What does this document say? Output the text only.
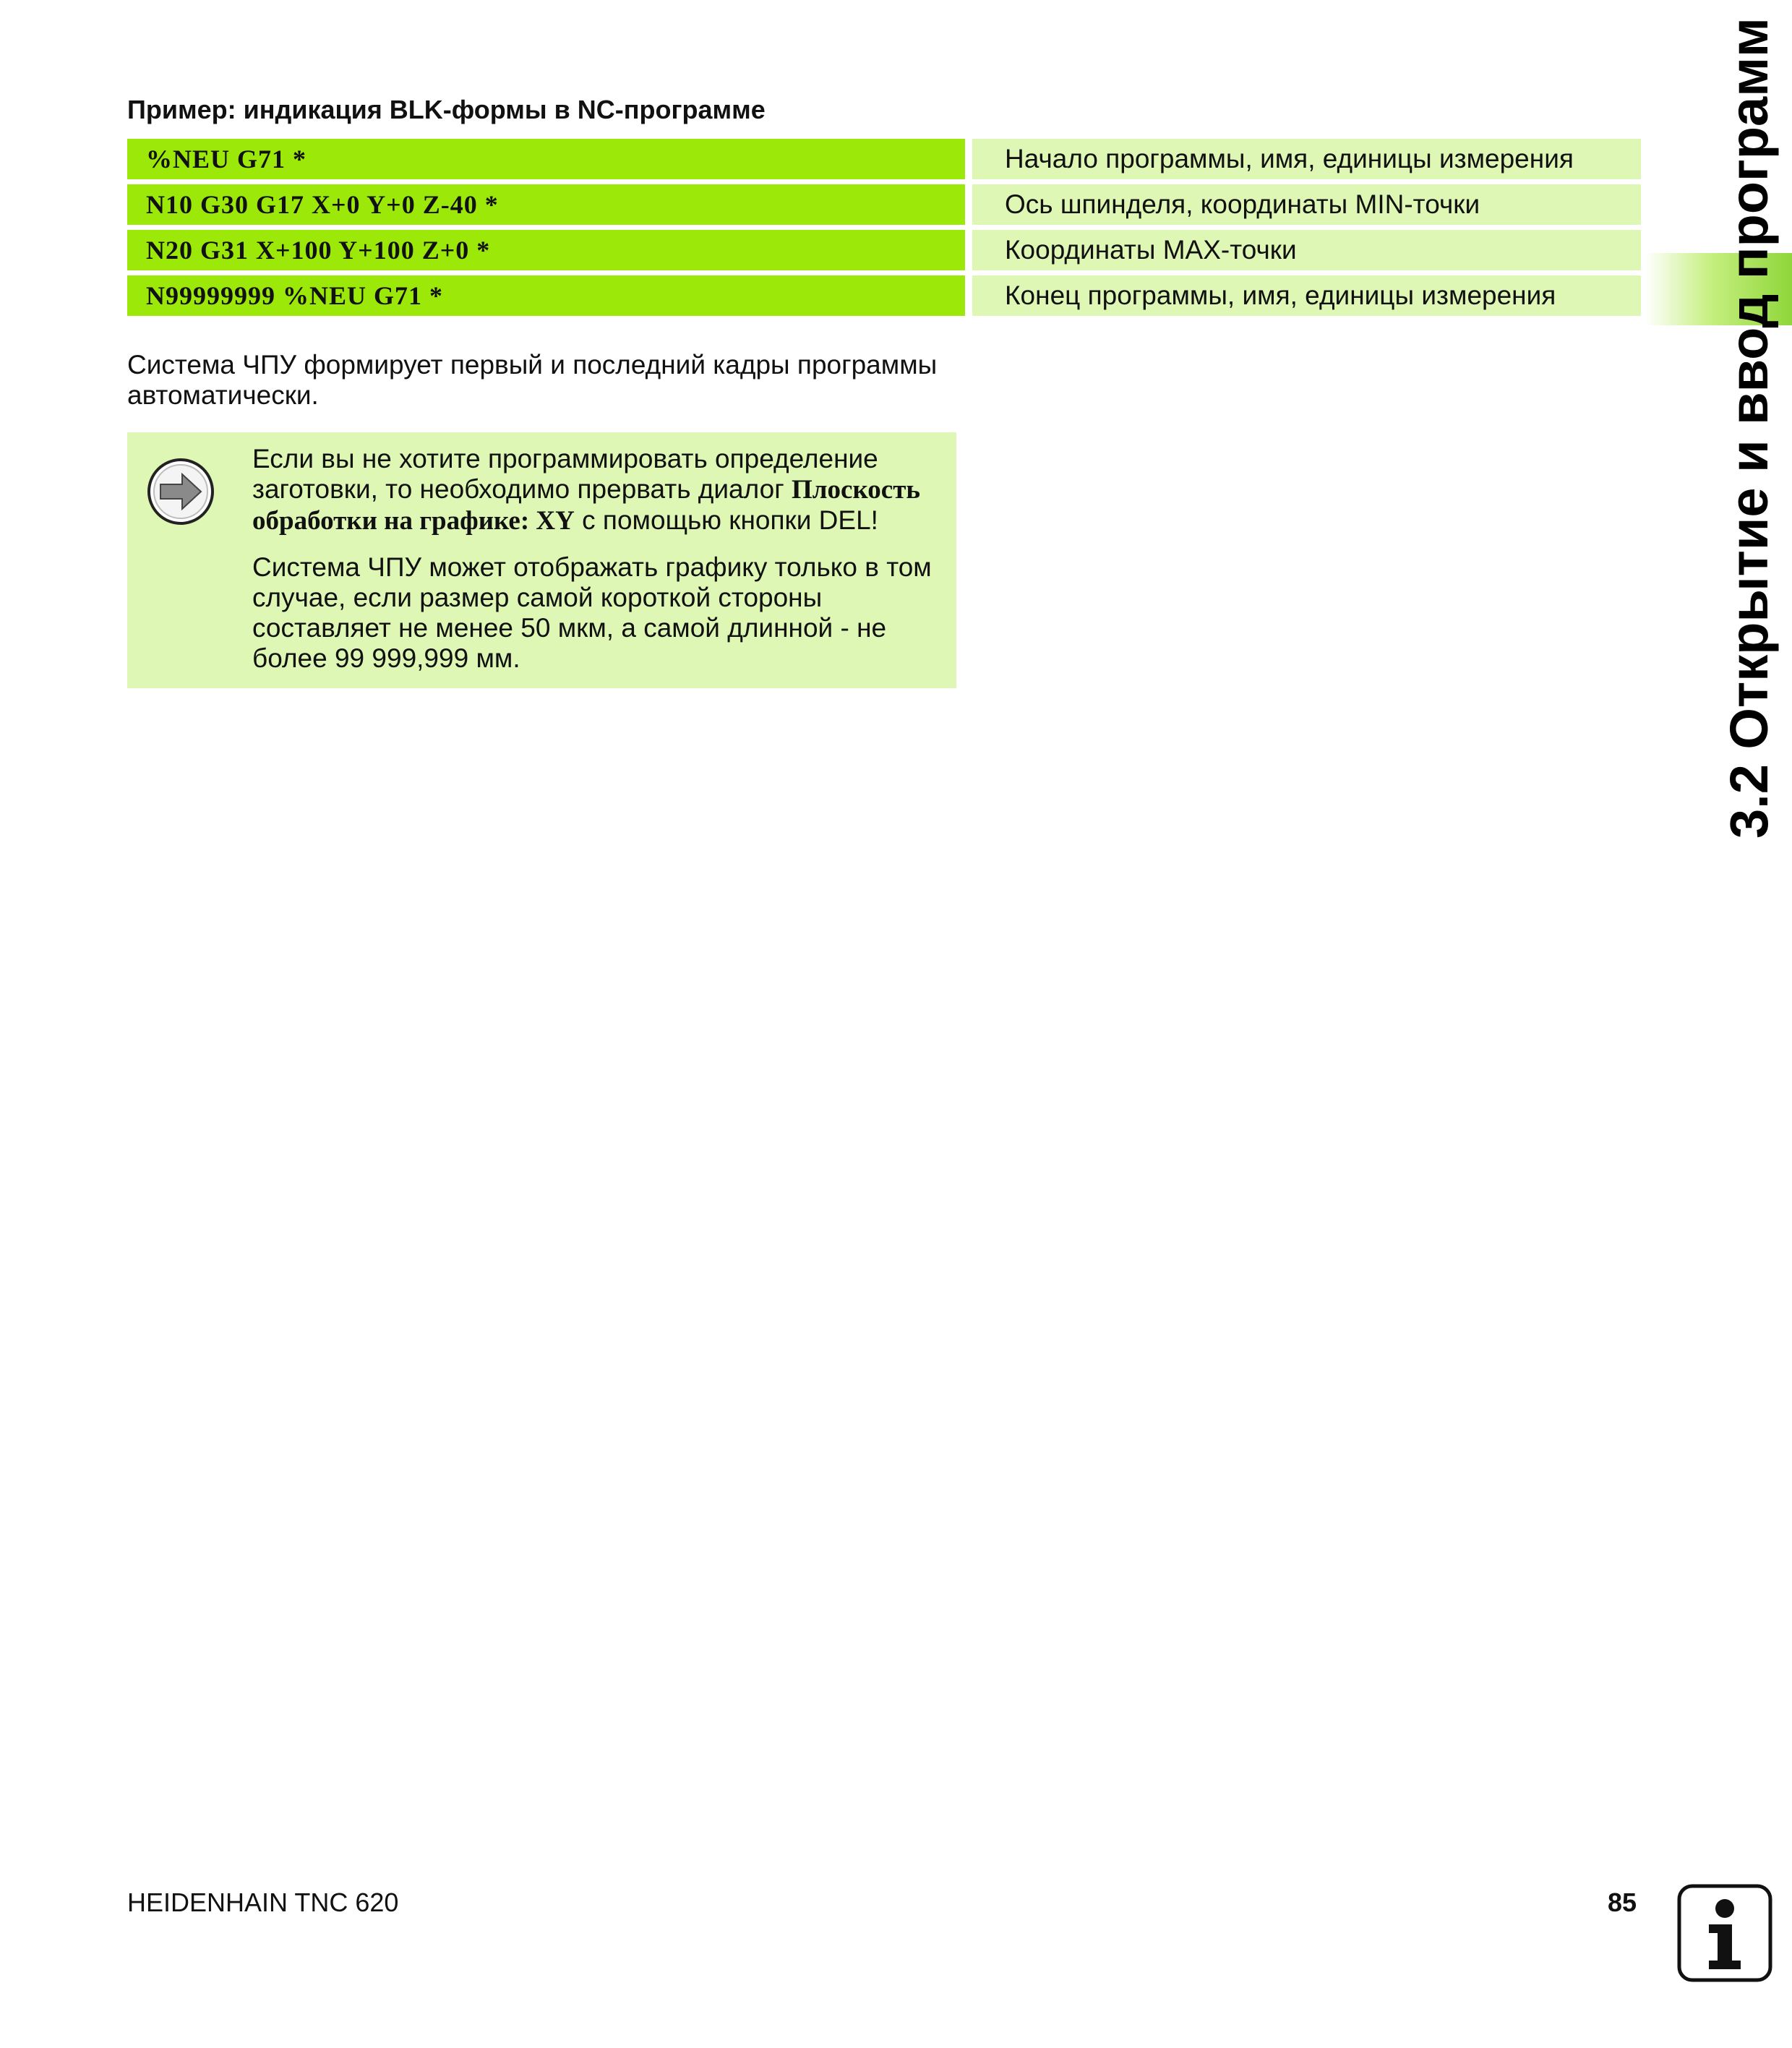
Пример: индикация BLK-формы в NC-программе
%NEU G71 *	Начало программы, имя, единицы измерения
N10 G30 G17 X+0 Y+0 Z-40 *	Ось шпинделя, координаты MIN-точки
N20 G31 X+100 Y+100 Z+0 *	Координаты MAX-точки
N99999999 %NEU G71 *	Конец программы, имя, единицы измерения

Система ЧПУ формирует первый и последний кадры программы автоматически.

Если вы не хотите программировать определение заготовки, то необходимо прервать диалог Плоскость обработки на графике: XY с помощью кнопки DEL!

Система ЧПУ может отображать графику только в том случае, если размер самой короткой стороны составляет не менее 50 мкм, а самой длинной - не более 99 999,999 мм.	3.2 Открытие и ввод программ
HEIDENHAIN TNC 620	85
